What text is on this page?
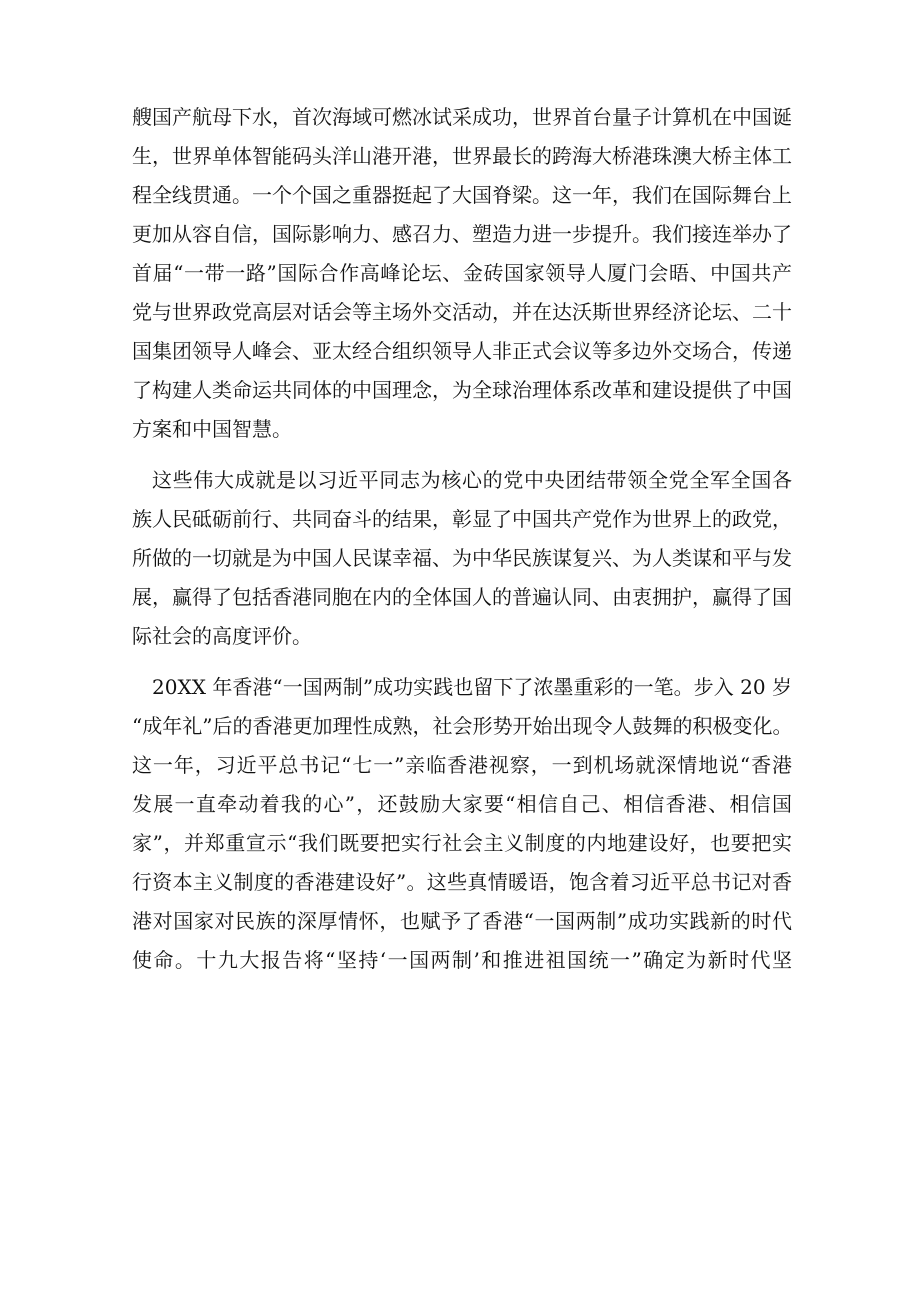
艘国产航母下水，首次海域可燃冰试采成功，世界首台量子计算机在中国诞
生，世界单体智能码头洋山港开港，世界最长的跨海大桥港珠澳大桥主体工
程全线贯通。一个个国之重器挺起了大国脊梁。这一年，我们在国际舞台上
更加从容自信，国际影响力、感召力、塑造力进一步提升。我们接连举办了
首届“一带一路”国际合作高峰论坛、金砖国家领导人厦门会晤、中国共产
党与世界政党高层对话会等主场外交活动，并在达沃斯世界经济论坛、二十
国集团领导人峰会、亚太经合组织领导人非正式会议等多边外交场合，传递
了构建人类命运共同体的中国理念，为全球治理体系改革和建设提供了中国
方案和中国智慧。
这些伟大成就是以习近平同志为核心的党中央团结带领全党全军全国各
族人民砥砺前行、共同奋斗的结果，彰显了中国共产党作为世界上的政党，
所做的一切就是为中国人民谋幸福、为中华民族谋复兴、为人类谋和平与发
展，赢得了包括香港同胞在内的全体国人的普遍认同、由衷拥护，赢得了国
际社会的高度评价。
20XX 年香港“一国两制”成功实践也留下了浓墨重彩的一笔。步入 20 岁
“成年礼”后的香港更加理性成熟，社会形势开始出现令人鼓舞的积极变化。
这一年，习近平总书记“七一”亲临香港视察，一到机场就深情地说“香港
发展一直牵动着我的心”，还鼓励大家要“相信自己、相信香港、相信国
家”，并郑重宣示“我们既要把实行社会主义制度的内地建设好，也要把实
行资本主义制度的香港建设好”。这些真情暖语，饱含着习近平总书记对香
港对国家对民族的深厚情怀，也赋予了香港“一国两制”成功实践新的时代
使命。十九大报告将“坚持‘一国两制’和推进祖国统一”确定为新时代坚
